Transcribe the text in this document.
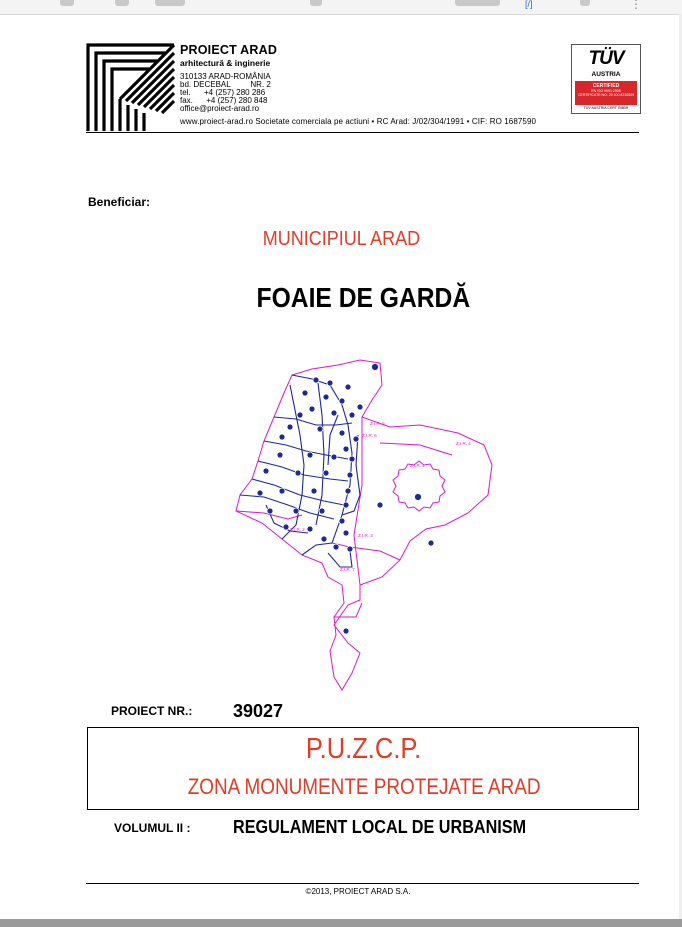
[/]	⋮
PROIECT ARAD
arhitectură & inginerie
310133 ARAD-ROMÂNIA
bd. DECEBAL         NR. 2
tel.      +4 (257) 280 286
fax.      +4 (257) 280 848
office@proiect-arad.ro
www.proiect-arad.ro Societate comerciala pe actiuni • RC Arad: J/02/304/1991 • CIF: RO 1687590
TÜV
AUSTRIA
CERTIFIED
EN ISO 9001:2008
CERTIFICATE NO. 20 100 8330009
TÜV AUSTRIA CERT GMBH
Beneficiar:
MUNICIPIUL ARAD
FOAIE DE GARDĂ
Z.I.R. 5
Z.I.R. 6
Z.I.R. 4
Z.I.R. 1
Z.I.R. 2
Z.I.R. 3
Z.I.R. 7
PROIECT NR.: 39027
P.U.Z.C.P.
ZONA MONUMENTE PROTEJATE ARAD
VOLUMUL II : REGULAMENT LOCAL DE URBANISM
©2013, PROIECT ARAD S.A.
